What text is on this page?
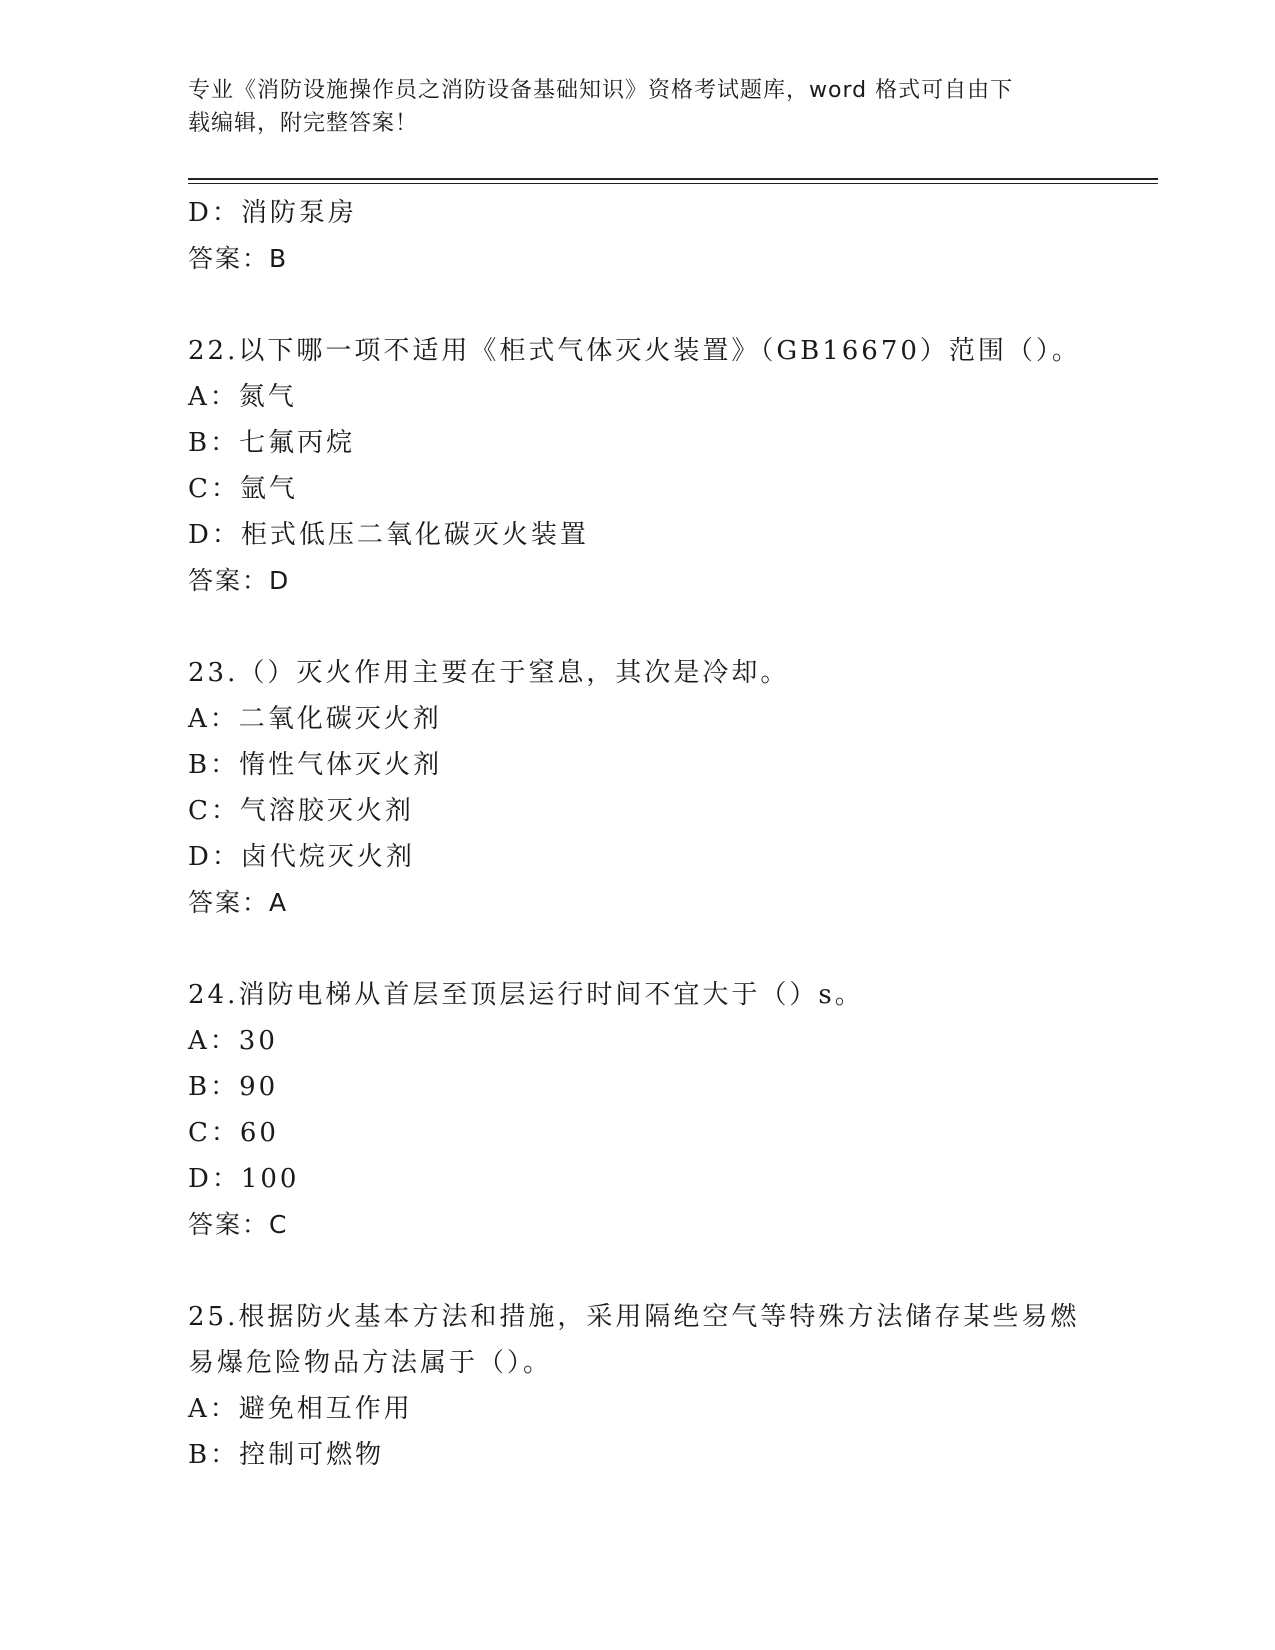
专业《消防设施操作员之消防设备基础知识》资格考试题库，word 格式可自由下
载编辑，附完整答案！
D：消防泵房
答案：B
22.以下哪一项不适用《柜式气体灭火装置》（GB16670）范围（）。
A：氮气
B：七氟丙烷
C：氩气
D：柜式低压二氧化碳灭火装置
答案：D
23.（）灭火作用主要在于窒息，其次是冷却。
A：二氧化碳灭火剂
B：惰性气体灭火剂
C：气溶胶灭火剂
D：卤代烷灭火剂
答案：A
24.消防电梯从首层至顶层运行时间不宜大于（）s。
A：30
B：90
C：60
D：100
答案：C
25.根据防火基本方法和措施，采用隔绝空气等特殊方法储存某些易燃
易爆危险物品方法属于（）。
A：避免相互作用
B：控制可燃物
